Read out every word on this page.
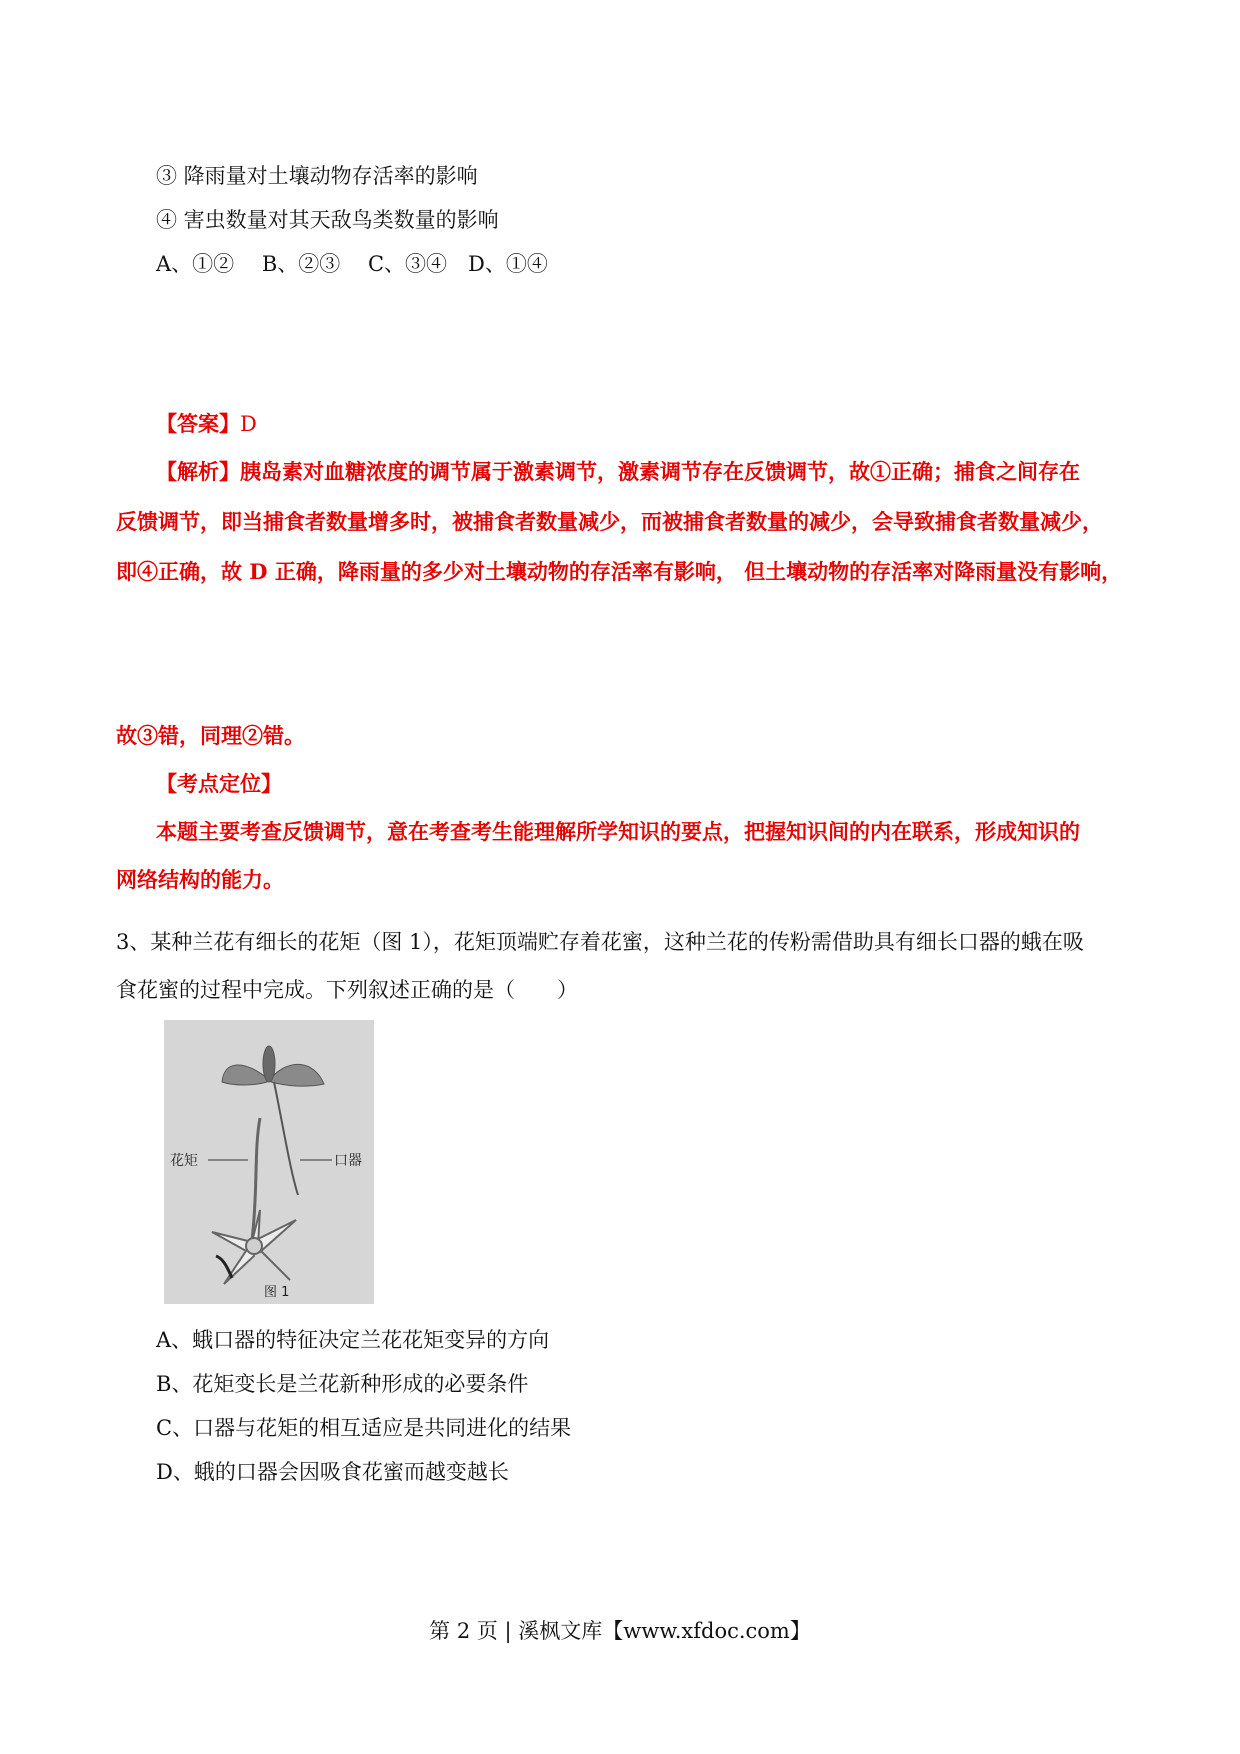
③ 降雨量对土壤动物存活率的影响
④ 害虫数量对其天敌鸟类数量的影响
A、①②　 B、②③　 C、③④　D、①④
【答案】D
【解析】胰岛素对血糖浓度的调节属于激素调节，激素调节存在反馈调节，故①正确；捕食之间存在
反馈调节，即当捕食者数量增多时，被捕食者数量减少，而被捕食者数量的减少，会导致捕食者数量减少，
即④正确，故 D 正确，降雨量的多少对土壤动物的存活率有影响， 但土壤动物的存活率对降雨量没有影响，
故③错，同理②错。
【考点定位】
本题主要考查反馈调节，意在考查考生能理解所学知识的要点，把握知识间的内在联系，形成知识的
网络结构的能力。
3、某种兰花有细长的花矩（图 1），花矩顶端贮存着花蜜，这种兰花的传粉需借助具有细长口器的蛾在吸
食花蜜的过程中完成。下列叙述正确的是（　　）
花矩	口器
图 1
A、蛾口器的特征决定兰花花矩变异的方向
B、花矩变长是兰花新种形成的必要条件
C、口器与花矩的相互适应是共同进化的结果
D、蛾的口器会因吸食花蜜而越变越长
第 2 页 | 溪枫文库【www.xfdoc.com】
